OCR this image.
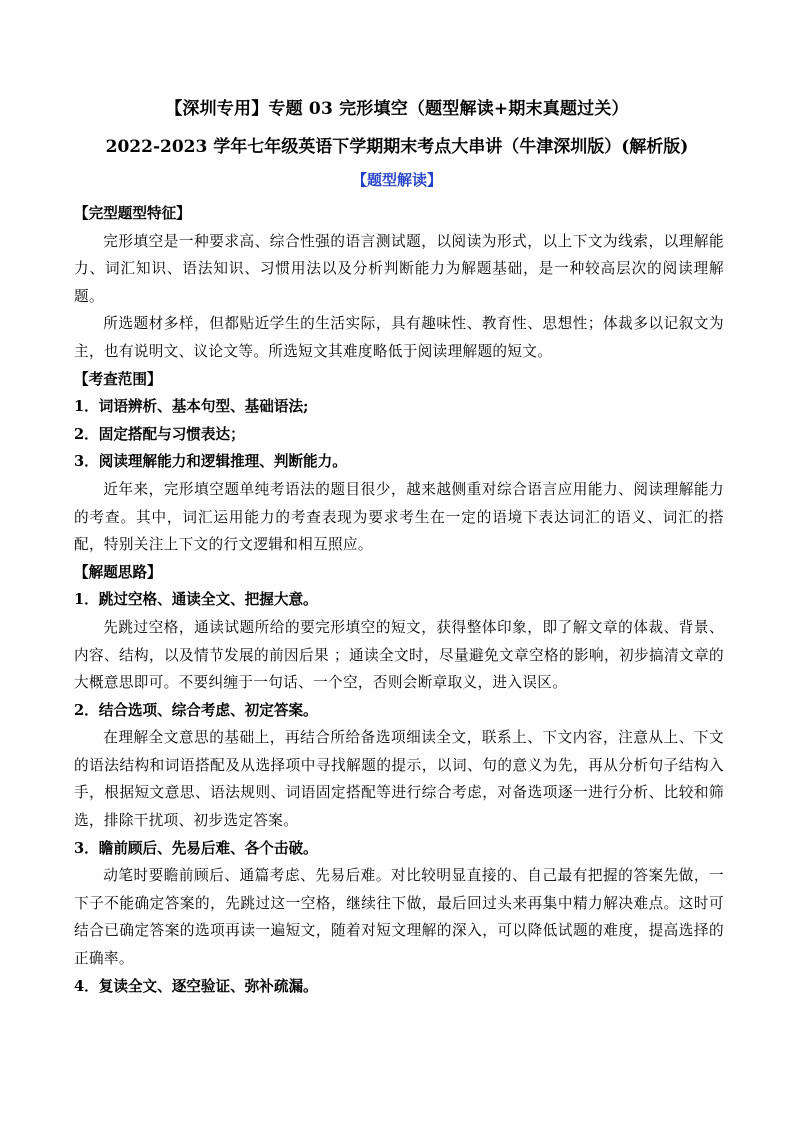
【深圳专用】专题 03 完形填空（题型解读+期末真题过关）
2022-2023 学年七年级英语下学期期末考点大串讲（牛津深圳版）(解析版)
【题型解读】

【完型题型特征】

完形填空是一种要求高、综合性强的语言测试题，以阅读为形式，以上下文为线索，以理解能力、词汇知识、语法知识、习惯用法以及分析判断能力为解题基础，是一种较高层次的阅读理解题。

所选题材多样，但都贴近学生的生活实际，具有趣味性、教育性、思想性；体裁多以记叙文为主，也有说明文、议论文等。所选短文其难度略低于阅读理解题的短文。

【考查范围】

1．词语辨析、基本句型、基础语法;

2．固定搭配与习惯表达；

3．阅读理解能力和逻辑推理、判断能力。

近年来，完形填空题单纯考语法的题目很少，越来越侧重对综合语言应用能力、阅读理解能力的考查。其中，词汇运用能力的考查表现为要求考生在一定的语境下表达词汇的语义、词汇的搭配，特别关注上下文的行文逻辑和相互照应。

【解题思路】

1．跳过空格、通读全文、把握大意。

先跳过空格，通读试题所给的要完形填空的短文，获得整体印象，即了解文章的体裁、背景、内容、结构，以及情节发展的前因后果 ；通读全文时，尽量避免文章空格的影响，初步搞清文章的大概意思即可。不要纠缠于一句话、一个空，否则会断章取义，进入误区。

2．结合选项、综合考虑、初定答案。

在理解全文意思的基础上，再结合所给备选项细读全文，联系上、下文内容，注意从上、下文的语法结构和词语搭配及从选择项中寻找解题的提示，以词、句的意义为先，再从分析句子结构入手，根据短文意思、语法规则、词语固定搭配等进行综合考虑，对备选项逐一进行分析、比较和筛选，排除干扰项、初步选定答案。

3．瞻前顾后、先易后难、各个击破。

动笔时要瞻前顾后、通篇考虑、先易后难。对比较明显直接的、自己最有把握的答案先做，一下子不能确定答案的，先跳过这一空格，继续往下做，最后回过头来再集中精力解决难点。这时可结合已确定答案的选项再读一遍短文，随着对短文理解的深入，可以降低试题的难度，提高选择的正确率。

4．复读全文、逐空验证、弥补疏漏。
